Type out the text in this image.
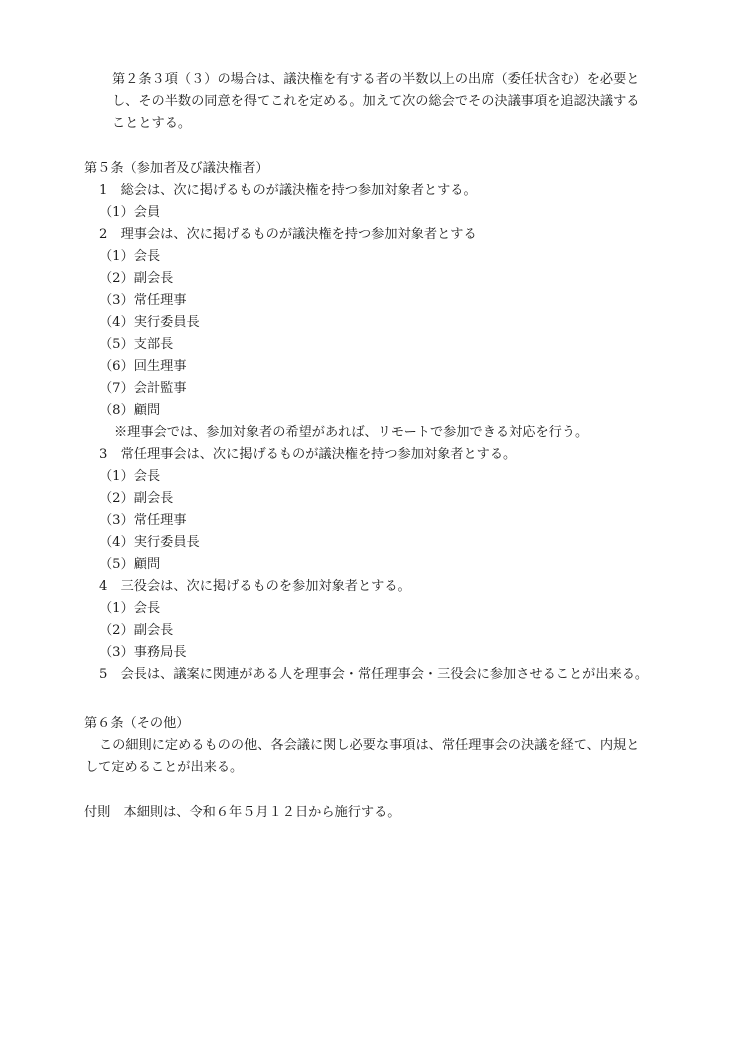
第２条３項（３）の場合は、議決権を有する者の半数以上の出席（委任状含む）を必要と
し、その半数の同意を得てこれを定める。加えて次の総会でその決議事項を追認決議する
こととする。
第５条（参加者及び議決権者）
1　総会は、次に掲げるものが議決権を持つ参加対象者とする。
（1）会員
2　理事会は、次に掲げるものが議決権を持つ参加対象者とする
（1）会長
（2）副会長
（3）常任理事
（4）実行委員長
（5）支部長
（6）回生理事
（7）会計監事
（8）顧問
※理事会では、参加対象者の希望があれば、リモートで参加できる対応を行う。
3　常任理事会は、次に掲げるものが議決権を持つ参加対象者とする。
（1）会長
（2）副会長
（3）常任理事
（4）実行委員長
（5）顧問
4　三役会は、次に掲げるものを参加対象者とする。
（1）会長
（2）副会長
（3）事務局長
5　会長は、議案に関連がある人を理事会・常任理事会・三役会に参加させることが出来る。
第６条（その他）
この細則に定めるものの他、各会議に関し必要な事項は、常任理事会の決議を経て、内規と
して定めることが出来る。
付則　本細則は、令和６年５月１２日から施行する。
